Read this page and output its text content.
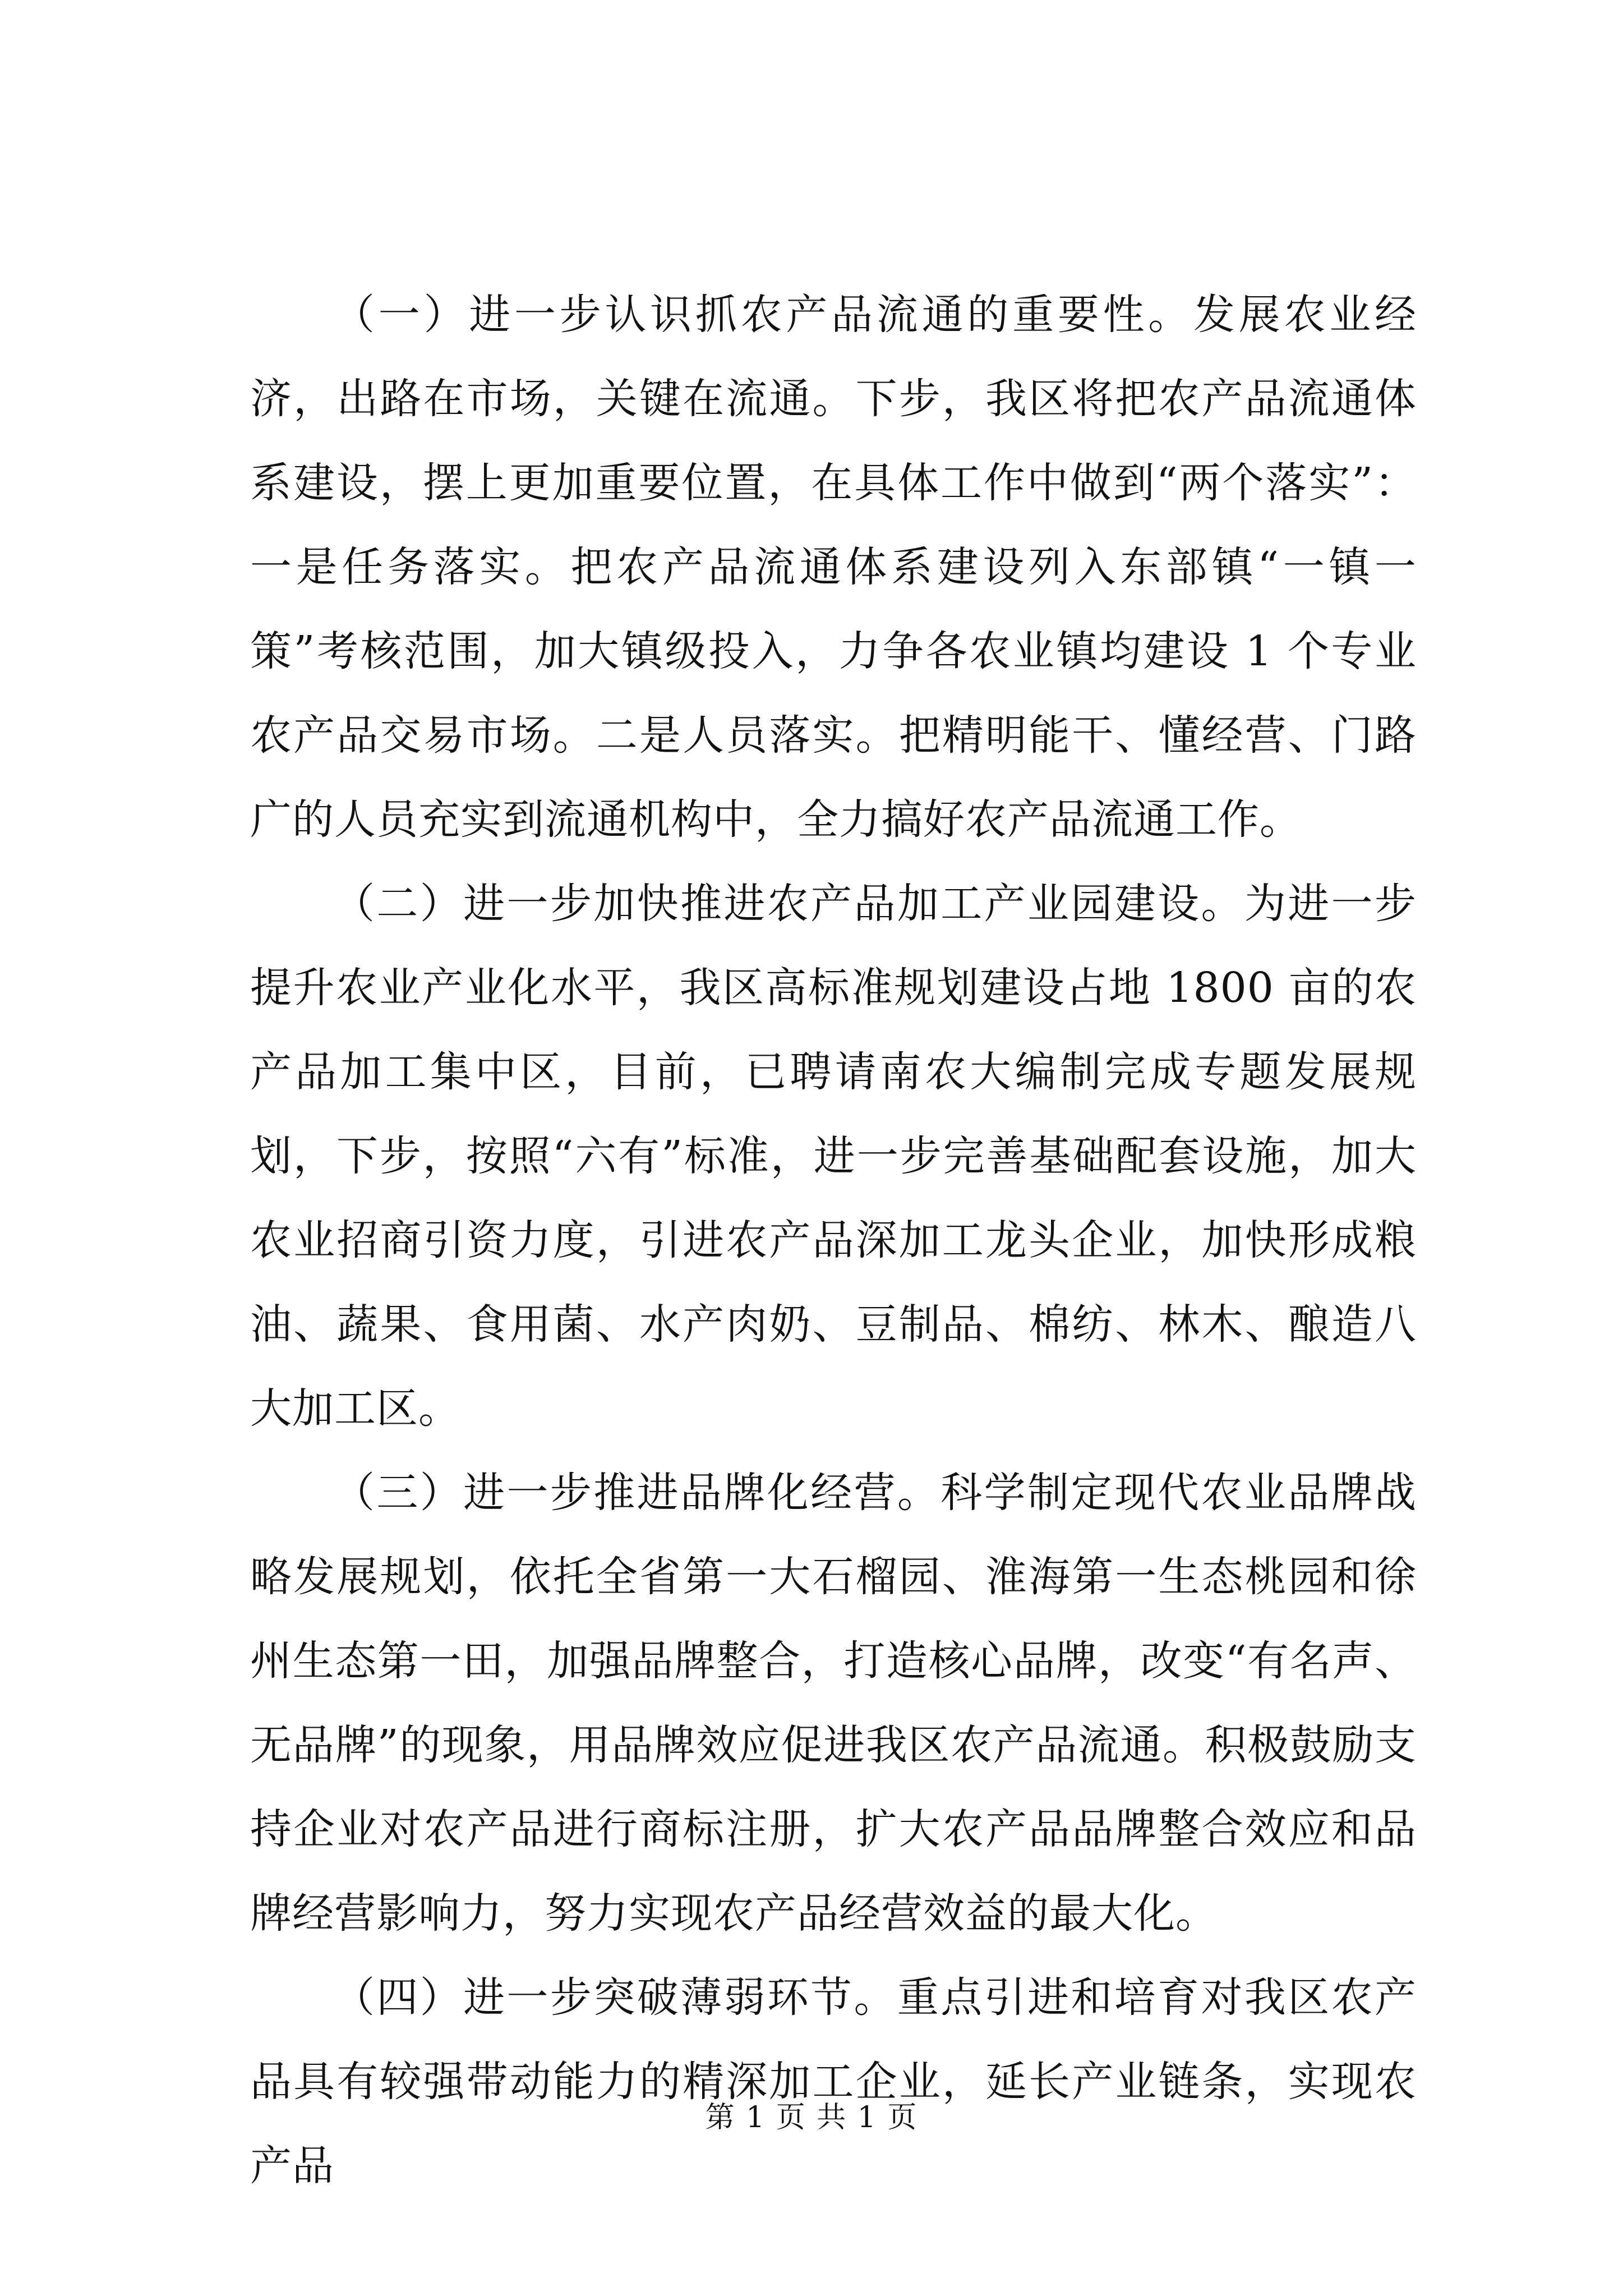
（一）进一步认识抓农产品流通的重要性。发展农业经济，出路在市场，关键在流通。下步，我区将把农产品流通体系建设，摆上更加重要位置，在具体工作中做到“两个落实”：一是任务落实。把农产品流通体系建设列入东部镇“一镇一策”考核范围，加大镇级投入，力争各农业镇均建设 1 个专业农产品交易市场。二是人员落实。把精明能干、懂经营、门路广的人员充实到流通机构中，全力搞好农产品流通工作。

（二）进一步加快推进农产品加工产业园建设。为进一步提升农业产业化水平，我区高标准规划建设占地 1800 亩的农产品加工集中区，目前，已聘请南农大编制完成专题发展规划，下步，按照“六有”标准，进一步完善基础配套设施，加大农业招商引资力度，引进农产品深加工龙头企业，加快形成粮油、蔬果、食用菌、水产肉奶、豆制品、棉纺、林木、酿造八大加工区。

（三）进一步推进品牌化经营。科学制定现代农业品牌战略发展规划，依托全省第一大石榴园、淮海第一生态桃园和徐州生态第一田，加强品牌整合，打造核心品牌，改变“有名声、无品牌”的现象，用品牌效应促进我区农产品流通。积极鼓励支持企业对农产品进行商标注册，扩大农产品品牌整合效应和品牌经营影响力，努力实现农产品经营效益的最大化。

（四）进一步突破薄弱环节。重点引进和培育对我区农产品具有较强带动能力的精深加工企业，延长产业链条，实现农产品

第 1 页 共 1 页
